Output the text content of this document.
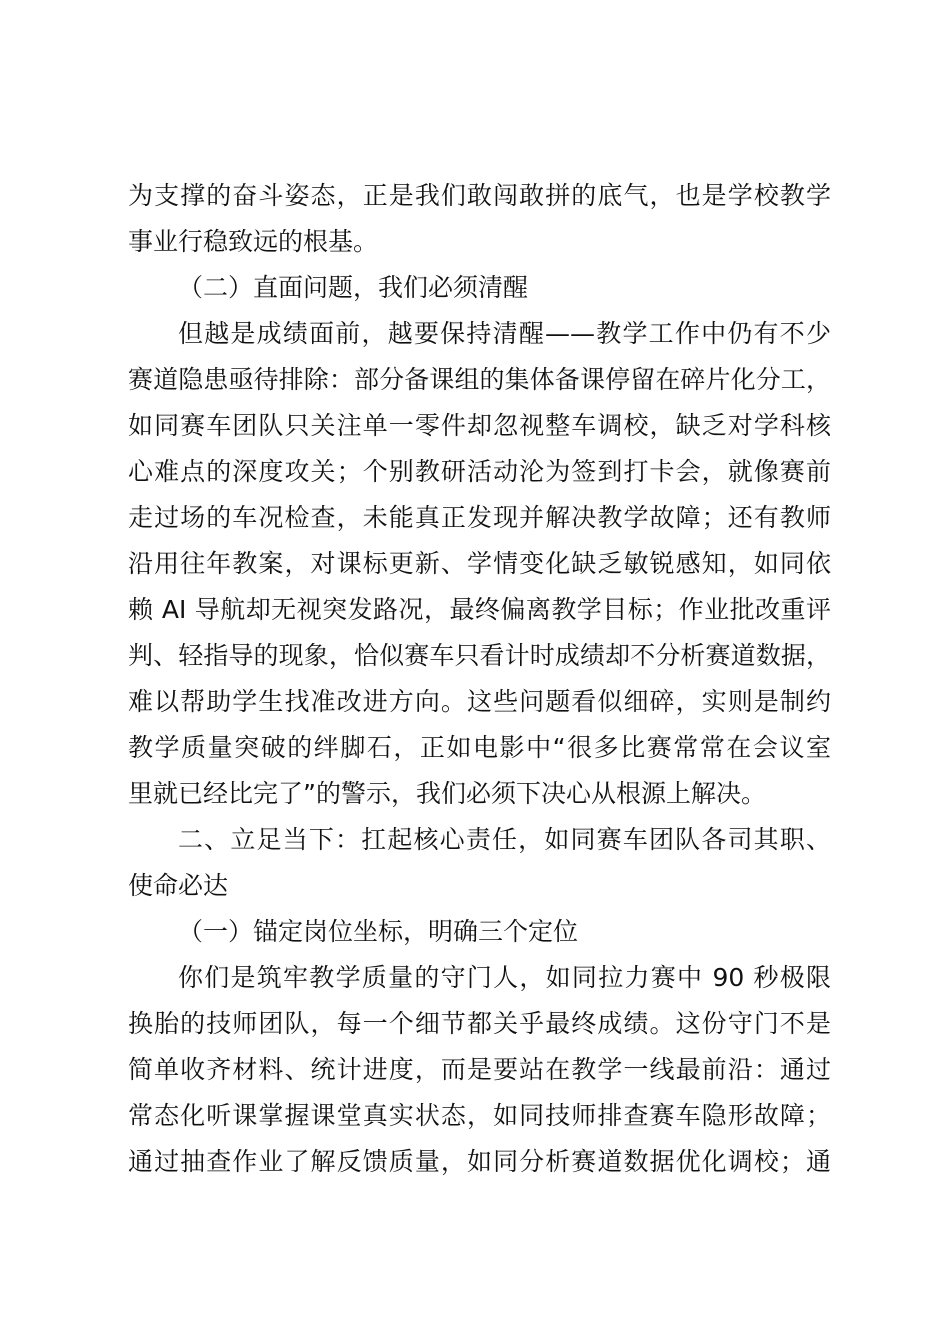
为支撑的奋斗姿态，正是我们敢闯敢拼的底气，也是学校教学
事业行稳致远的根基。
（二）直面问题，我们必须清醒
但越是成绩面前，越要保持清醒——教学工作中仍有不少
赛道隐患亟待排除：部分备课组的集体备课停留在碎片化分工，
如同赛车团队只关注单一零件却忽视整车调校，缺乏对学科核
心难点的深度攻关；个别教研活动沦为签到打卡会，就像赛前
走过场的车况检查，未能真正发现并解决教学故障；还有教师
沿用往年教案，对课标更新、学情变化缺乏敏锐感知，如同依
赖 AI 导航却无视突发路况，最终偏离教学目标；作业批改重评
判、轻指导的现象，恰似赛车只看计时成绩却不分析赛道数据，
难以帮助学生找准改进方向。这些问题看似细碎，实则是制约
教学质量突破的绊脚石，正如电影中“很多比赛常常在会议室
里就已经比完了”的警示，我们必须下决心从根源上解决。
二、立足当下：扛起核心责任，如同赛车团队各司其职、
使命必达
（一）锚定岗位坐标，明确三个定位
你们是筑牢教学质量的守门人，如同拉力赛中 90 秒极限
换胎的技师团队，每一个细节都关乎最终成绩。这份守门不是
简单收齐材料、统计进度，而是要站在教学一线最前沿：通过
常态化听课掌握课堂真实状态，如同技师排查赛车隐形故障；
通过抽查作业了解反馈质量，如同分析赛道数据优化调校；通
